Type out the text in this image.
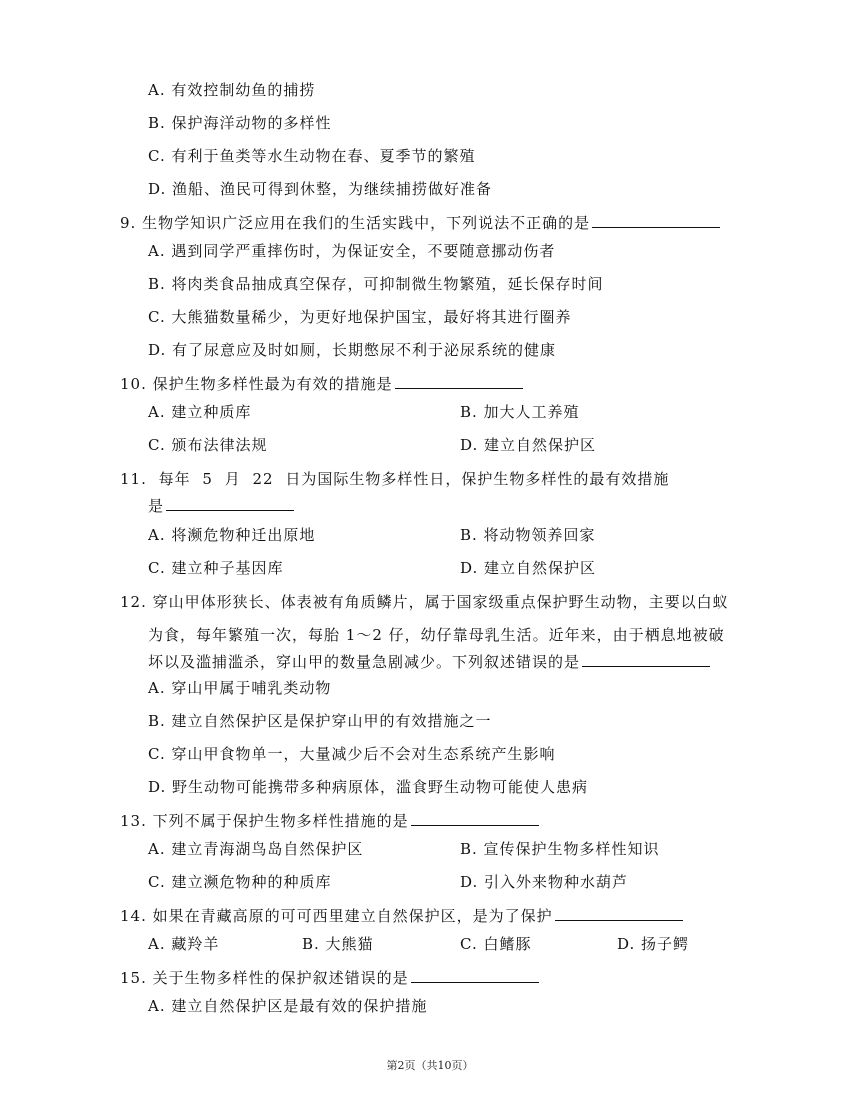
A. 有效控制幼鱼的捕捞
B. 保护海洋动物的多样性
C. 有利于鱼类等水生动物在春、夏季节的繁殖
D. 渔船、渔民可得到休整，为继续捕捞做好准备
9. 生物学知识广泛应用在我们的生活实践中，下列说法不正确的是
A. 遇到同学严重摔伤时，为保证安全，不要随意挪动伤者
B. 将肉类食品抽成真空保存，可抑制微生物繁殖，延长保存时间
C. 大熊猫数量稀少，为更好地保护国宝，最好将其进行圈养
D. 有了尿意应及时如厕，长期憋尿不利于泌尿系统的健康
10. 保护生物多样性最为有效的措施是
A. 建立种质库	B. 加大人工养殖
C. 颁布法律法规	D. 建立自然保护区
11. 每年 5 月 22 日为国际生物多样性日，保护生物多样性的最有效措施
是
A. 将濒危物种迁出原地	B. 将动物领养回家
C. 建立种子基因库	D. 建立自然保护区
12. 穿山甲体形狭长、体表被有角质鳞片，属于国家级重点保护野生动物，主要以白蚁
为食，每年繁殖一次，每胎 1～2 仔，幼仔靠母乳生活。近年来，由于栖息地被破
坏以及滥捕滥杀，穿山甲的数量急剧减少。下列叙述错误的是
A. 穿山甲属于哺乳类动物
B. 建立自然保护区是保护穿山甲的有效措施之一
C. 穿山甲食物单一，大量减少后不会对生态系统产生影响
D. 野生动物可能携带多种病原体，滥食野生动物可能使人患病
13. 下列不属于保护生物多样性措施的是
A. 建立青海湖鸟岛自然保护区	B. 宣传保护生物多样性知识
C. 建立濒危物种的种质库	D. 引入外来物种水葫芦
14. 如果在青藏高原的可可西里建立自然保护区，是为了保护
A. 藏羚羊	B. 大熊猫	C. 白鳍豚	D. 扬子鳄
15. 关于生物多样性的保护叙述错误的是
A. 建立自然保护区是最有效的保护措施
第2页（共10页）
